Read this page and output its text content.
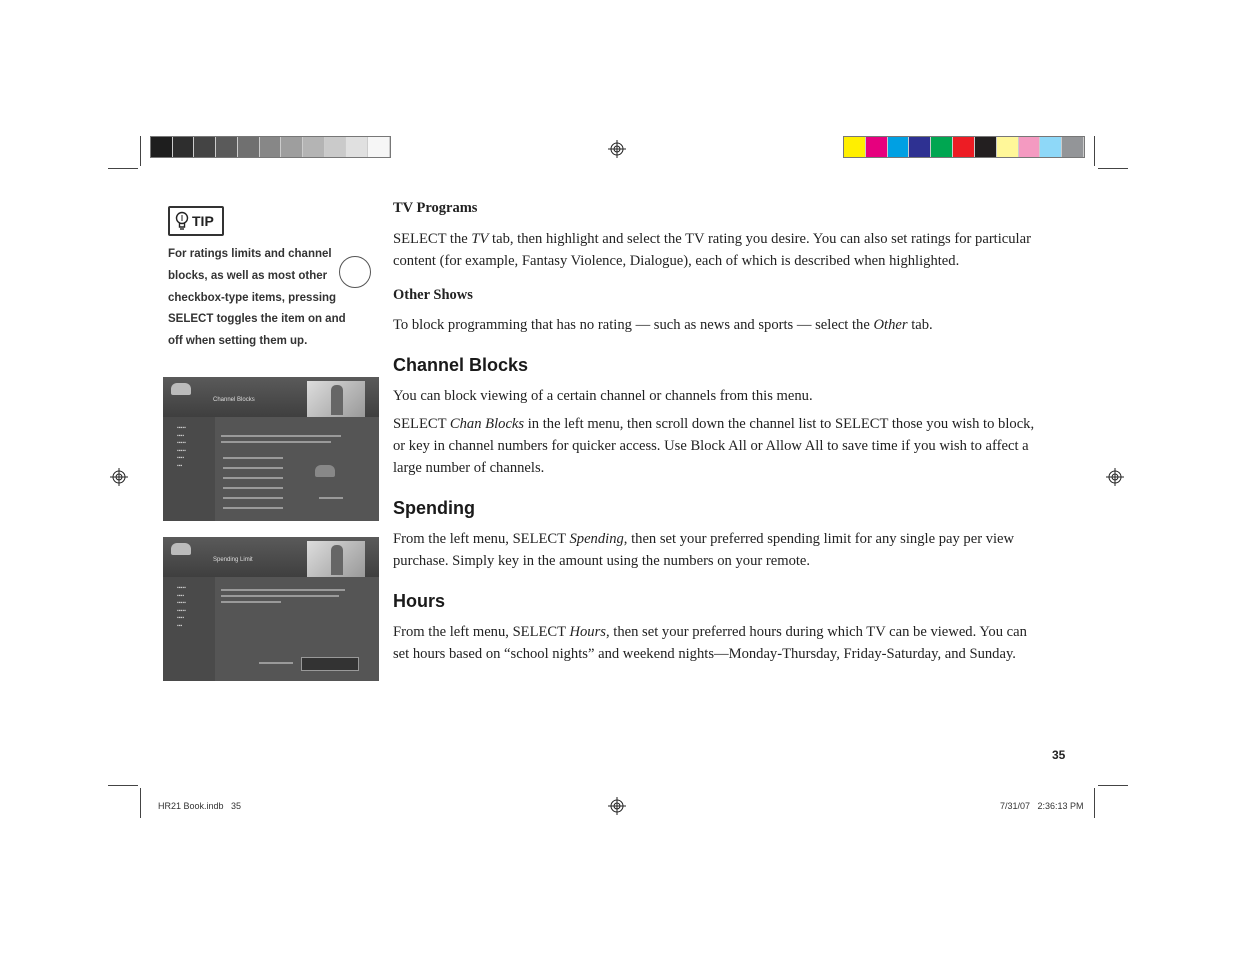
TIP
For ratings limits and channel blocks, as well as most other checkbox-type items, pressing SELECT toggles the item on and off when setting them up.
Channel Blocks
▪▪▪▪▪
▪▪▪▪
▪▪▪▪▪
▪▪▪▪▪
▪▪▪▪
▪▪▪
Spending Limit
▪▪▪▪▪
▪▪▪▪
▪▪▪▪▪
▪▪▪▪▪
▪▪▪▪
▪▪▪
TV Programs
SELECT the TV tab, then highlight and select the TV rating you desire. You can also set ratings for particular content (for example, Fantasy Violence, Dialogue), each of which is described when highlighted.
Other Shows
To block programming that has no rating — such as news and sports — select the Other tab.
Channel Blocks
You can block viewing of a certain channel or channels from this menu.
SELECT Chan Blocks in the left menu, then scroll down the channel list to SELECT those you wish to block, or key in channel numbers for quicker access. Use Block All or Allow All to save time if you wish to affect a large number of channels.
Spending
From the left menu, SELECT Spending, then set your preferred spending limit for any single pay per view purchase. Simply key in the amount using the numbers on your remote.
Hours
From the left menu, SELECT Hours, then set your preferred hours during which TV can be viewed. You can set hours based on “school nights” and weekend nights—Monday-Thursday, Friday-Saturday, and Sunday.
35
HR21 Book.indb   35	7/31/07   2:36:13 PM
